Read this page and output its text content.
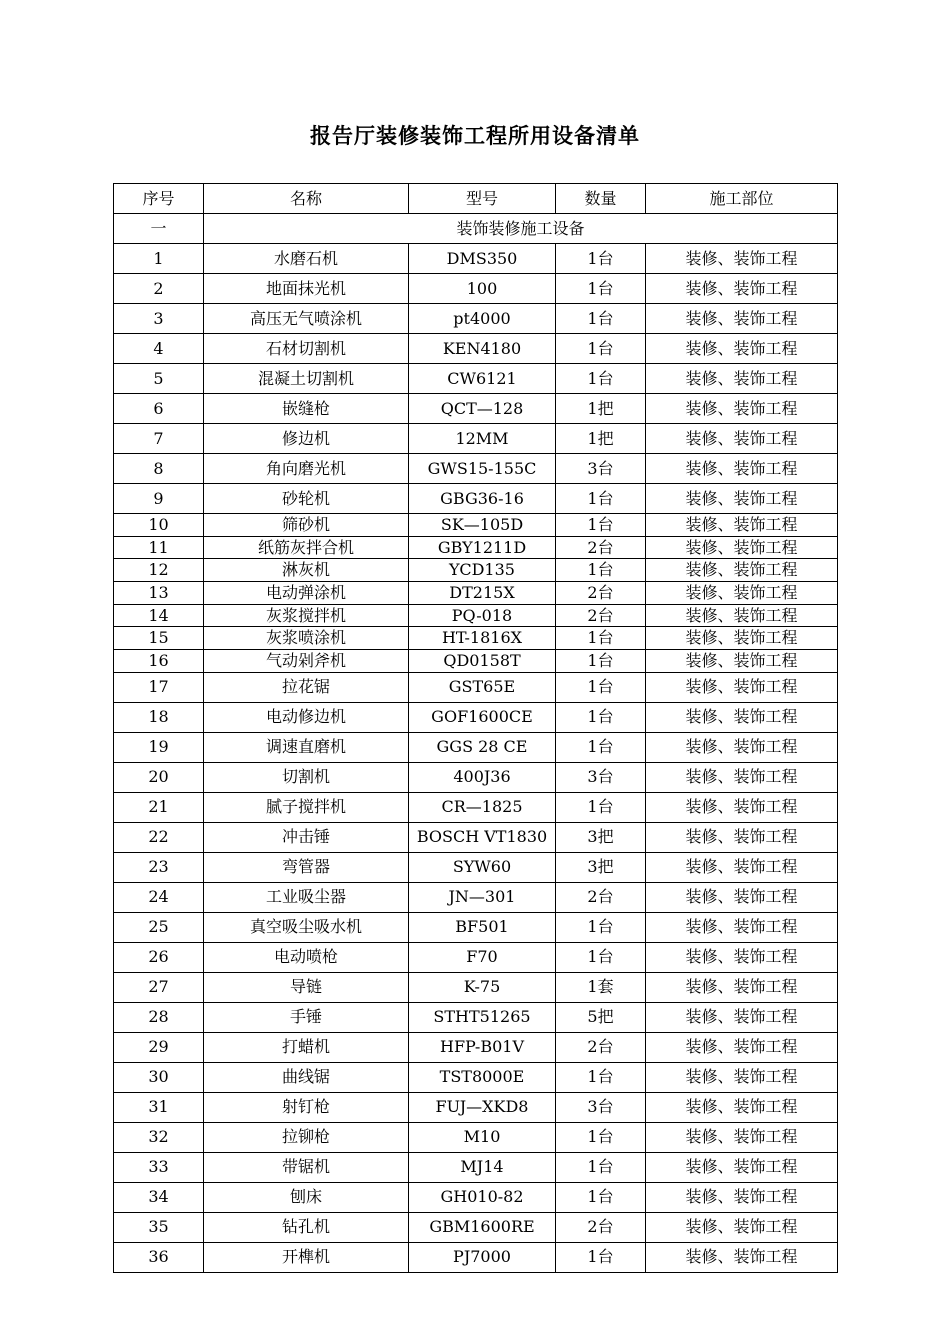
报告厅装修装饰工程所用设备清单
序号	名称	型号	数量	施工部位
一	装饰装修施工设备			
1	水磨石机	DMS350	1台	装修、装饰工程
2	地面抹光机	100	1台	装修、装饰工程
3	高压无气喷涂机	pt4000	1台	装修、装饰工程
4	石材切割机	KEN4180	1台	装修、装饰工程
5	混凝土切割机	CW6121	1台	装修、装饰工程
6	嵌缝枪	QCT—128	1把	装修、装饰工程
7	修边机	12MM	1把	装修、装饰工程
8	角向磨光机	GWS15-155C	3台	装修、装饰工程
9	砂轮机	GBG36-16	1台	装修、装饰工程
10	筛砂机	SK—105D	1台	装修、装饰工程
11	纸筋灰拌合机	GBY1211D	2台	装修、装饰工程
12	淋灰机	YCD135	1台	装修、装饰工程
13	电动弹涂机	DT215X	2台	装修、装饰工程
14	灰浆搅拌机	PQ-018	2台	装修、装饰工程
15	灰浆喷涂机	HT-1816X	1台	装修、装饰工程
16	气动剁斧机	QD0158T	1台	装修、装饰工程
17	拉花锯	GST65E	1台	装修、装饰工程
18	电动修边机	GOF1600CE	1台	装修、装饰工程
19	调速直磨机	GGS 28 CE	1台	装修、装饰工程
20	切割机	400J36	3台	装修、装饰工程
21	腻子搅拌机	CR—1825	1台	装修、装饰工程
22	冲击锤	BOSCH VT1830	3把	装修、装饰工程
23	弯管器	SYW60	3把	装修、装饰工程
24	工业吸尘器	JN—301	2台	装修、装饰工程
25	真空吸尘吸水机	BF501	1台	装修、装饰工程
26	电动喷枪	F70	1台	装修、装饰工程
27	导链	K-75	1套	装修、装饰工程
28	手锤	STHT51265	5把	装修、装饰工程
29	打蜡机	HFP-B01V	2台	装修、装饰工程
30	曲线锯	TST8000E	1台	装修、装饰工程
31	射钉枪	FUJ—XKD8	3台	装修、装饰工程
32	拉铆枪	M10	1台	装修、装饰工程
33	带锯机	MJ14	1台	装修、装饰工程
34	刨床	GH010-82	1台	装修、装饰工程
35	钻孔机	GBM1600RE	2台	装修、装饰工程
36	开榫机	PJ7000	1台	装修、装饰工程
